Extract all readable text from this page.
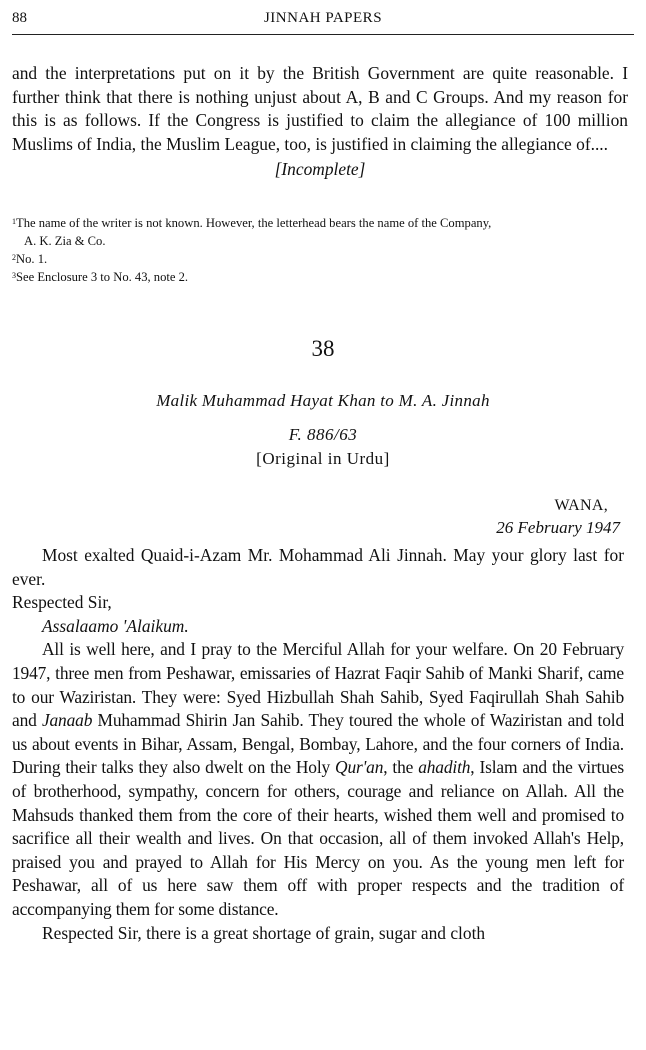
88	JINNAH PAPERS

and the interpretations put on it by the British Government are quite reasonable. I further think that there is nothing unjust about A, B and C Groups. And my reason for this is as follows. If the Congress is justified to claim the allegiance of 100 million Muslims of India, the Muslim League, too, is justified in claiming the allegiance of....

[Incomplete]

$^1$The name of the writer is not known. However, the letterhead bears the name of the Company,

A. K. Zia & Co.

$^2$No. 1.

$^3$See Enclosure 3 to No. 43, note 2.

38
Malik Muhammad Hayat Khan to M. A. Jinnah
F. 886/63
[Original in Urdu]
WANA,
26 February 1947

Most exalted Quaid-i-Azam Mr. Mohammad Ali Jinnah. May your glory last for ever.

Respected Sir,

Assalaamo 'Alaikum.

All is well here, and I pray to the Merciful Allah for your welfare. On 20 February 1947, three men from Peshawar, emissaries of Hazrat Faqir Sahib of Manki Sharif, came to our Waziristan. They were: Syed Hizbullah Shah Sahib, Syed Faqirullah Shah Sahib and Janaab Muhammad Shirin Jan Sahib. They toured the whole of Waziristan and told us about events in Bihar, Assam, Bengal, Bombay, Lahore, and the four corners of India. During their talks they also dwelt on the Holy Qur'an, the ahadith, Islam and the virtues of brotherhood, sympathy, concern for others, courage and reliance on Allah. All the Mahsuds thanked them from the core of their hearts, wished them well and promised to sacrifice all their wealth and lives. On that occasion, all of them invoked Allah's Help, praised you and prayed to Allah for His Mercy on you. As the young men left for Peshawar, all of us here saw them off with proper respects and the tradition of accompanying them for some distance.

Respected Sir, there is a great shortage of grain, sugar and cloth
